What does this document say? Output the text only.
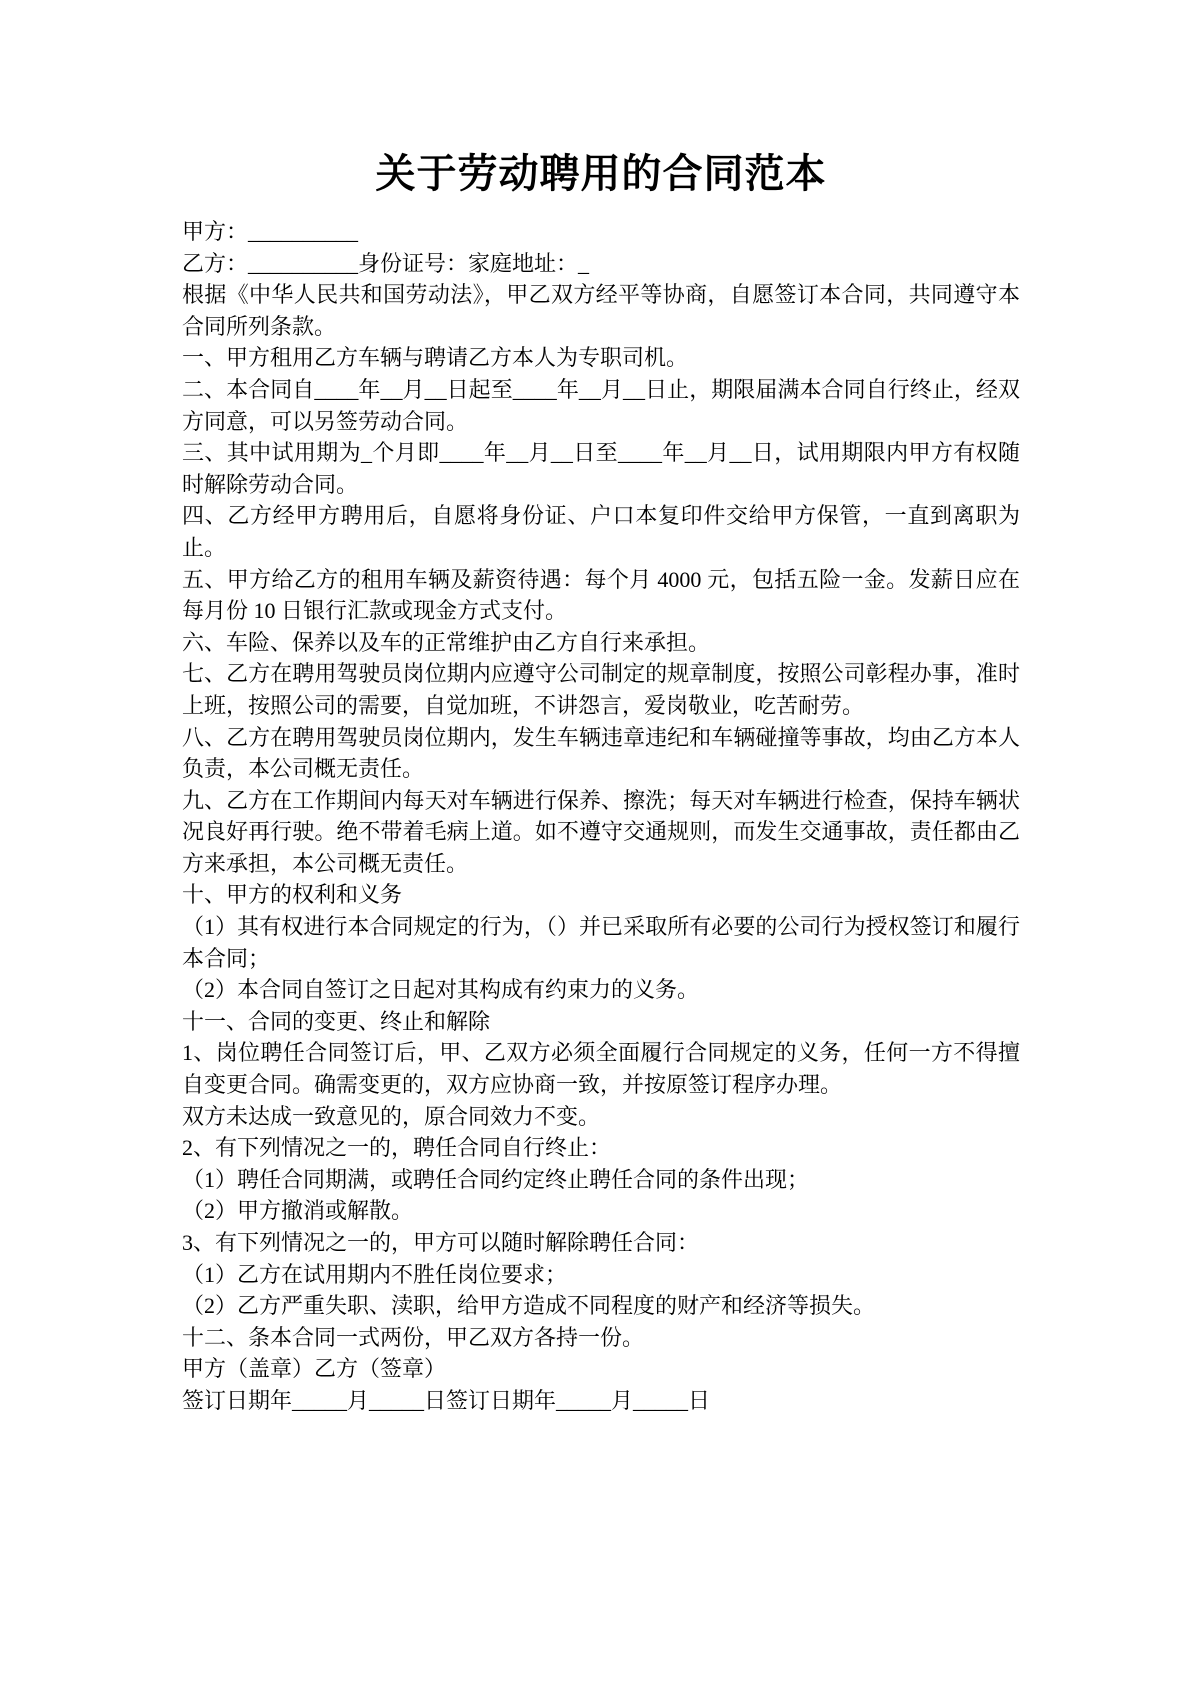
关于劳动聘用的合同范本

甲方：__________

乙方：__________身份证号：家庭地址：_

根据《中华人民共和国劳动法》，甲乙双方经平等协商，自愿签订本合同，共同遵守本合同所列条款。

一、甲方租用乙方车辆与聘请乙方本人为专职司机。

二、本合同自____年__月__日起至____年__月__日止，期限届满本合同自行终止，经双方同意，可以另签劳动合同。

三、其中试用期为_个月即____年__月__日至____年__月__日，试用期限内甲方有权随时解除劳动合同。

四、乙方经甲方聘用后，自愿将身份证、户口本复印件交给甲方保管，一直到离职为止。

五、甲方给乙方的租用车辆及薪资待遇：每个月 4000 元，包括五险一金。发薪日应在每月份 10 日银行汇款或现金方式支付。

六、车险、保养以及车的正常维护由乙方自行来承担。

七、乙方在聘用驾驶员岗位期内应遵守公司制定的规章制度，按照公司彰程办事，准时上班，按照公司的需要，自觉加班，不讲怨言，爱岗敬业，吃苦耐劳。

八、乙方在聘用驾驶员岗位期内，发生车辆违章违纪和车辆碰撞等事故，均由乙方本人负责，本公司概无责任。

九、乙方在工作期间内每天对车辆进行保养、擦洗；每天对车辆进行检查，保持车辆状况良好再行驶。绝不带着毛病上道。如不遵守交通规则，而发生交通事故，责任都由乙方来承担，本公司概无责任。

十、甲方的权利和义务

（1）其有权进行本合同规定的行为，（）并已采取所有必要的公司行为授权签订和履行本合同；

（2）本合同自签订之日起对其构成有约束力的义务。

十一、合同的变更、终止和解除

1、岗位聘任合同签订后，甲、乙双方必须全面履行合同规定的义务，任何一方不得擅自变更合同。确需变更的，双方应协商一致，并按原签订程序办理。

双方未达成一致意见的，原合同效力不变。

2、有下列情况之一的，聘任合同自行终止：

（1）聘任合同期满，或聘任合同约定终止聘任合同的条件出现；

（2）甲方撤消或解散。

3、有下列情况之一的，甲方可以随时解除聘任合同：

（1）乙方在试用期内不胜任岗位要求；

（2）乙方严重失职、渎职，给甲方造成不同程度的财产和经济等损失。

十二、条本合同一式两份，甲乙双方各持一份。

甲方（盖章）乙方（签章）

签订日期年_____月_____日签订日期年_____月_____日
